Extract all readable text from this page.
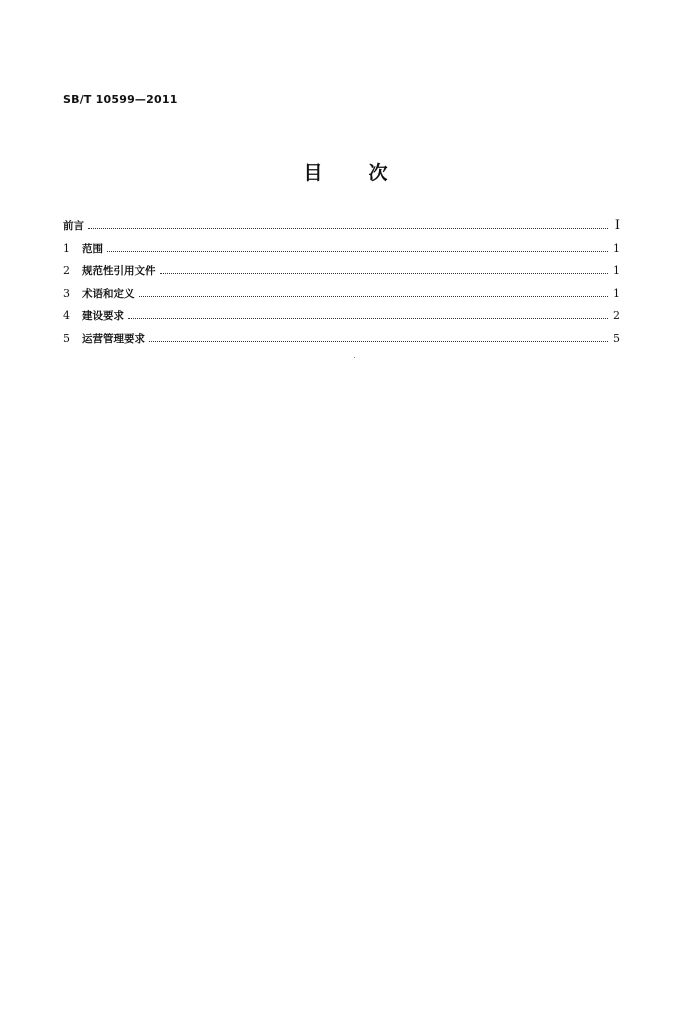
SB/T 10599—2011
目 次
前言	I
1	范围	1
2	规范性引用文件	1
3	术语和定义	1
4	建设要求	2
5	运营管理要求	5
